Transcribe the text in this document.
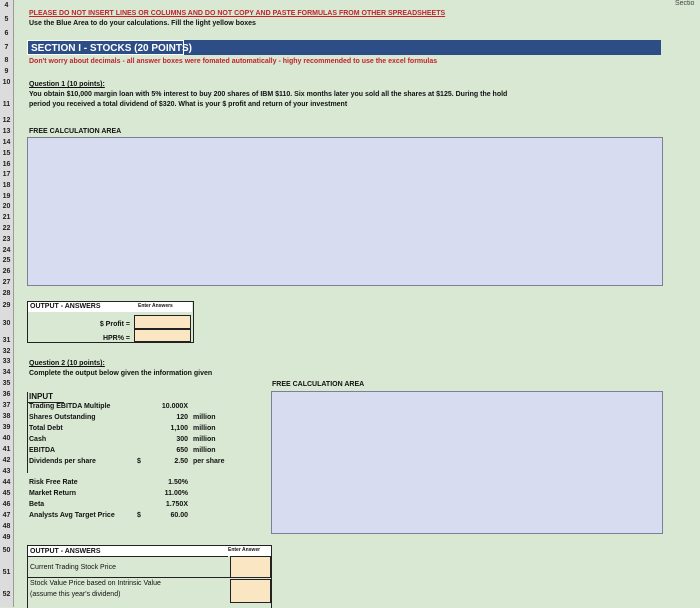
4
5
6
7
8
9
10
11
12
13
14
15
16
17
18
19
20
21
22
23
24
25
26
27
28
29
30
31
32
33
34
35
36
37
38
39
40
41
42
43
44
45
46
47
48
49
50
51
52
Sectio
PLEASE DO NOT INSERT LINES OR COLUMNS AND DO NOT COPY AND PASTE FORMULAS FROM OTHER SPREADSHEETS
Use the Blue Area to do your calculations. Fill the light yellow boxes
SECTION I - STOCKS (20 POINTS)
Don't worry about decimals - all answer boxes were fomated automatically - highy recommended to use the excel formulas
Question 1 (10 points):
You obtain $10,000 margin loan with 5% interest to buy 200 shares of IBM $110. Six months later you sold all the shares at $125. During the hold
period you received a total dividend of $320. What is your $ profit and return of your investment
FREE CALCULATION AREA
OUTPUT - ANSWERS	Enter Answers
$ Profit =
HPR% =
Question 2 (10 points):
Complete the output below given the information given
FREE CALCULATION AREA
INPUT
Trading EBITDA Multiple	10.000X
Shares Outstanding	120 million
Total Debt	1,100 million
Cash	300 million
EBITDA	650 million
Dividends per share	$	2.50 per share
Risk Free Rate	1.50%
Market Return	11.00%
Beta	1.750X
Analysts Avg Target Price	$	60.00
OUTPUT - ANSWERS	Enter Answer
Current Trading Stock Price
Stock Value Price based on Intrinsic Value
(assume this year's dividend)
